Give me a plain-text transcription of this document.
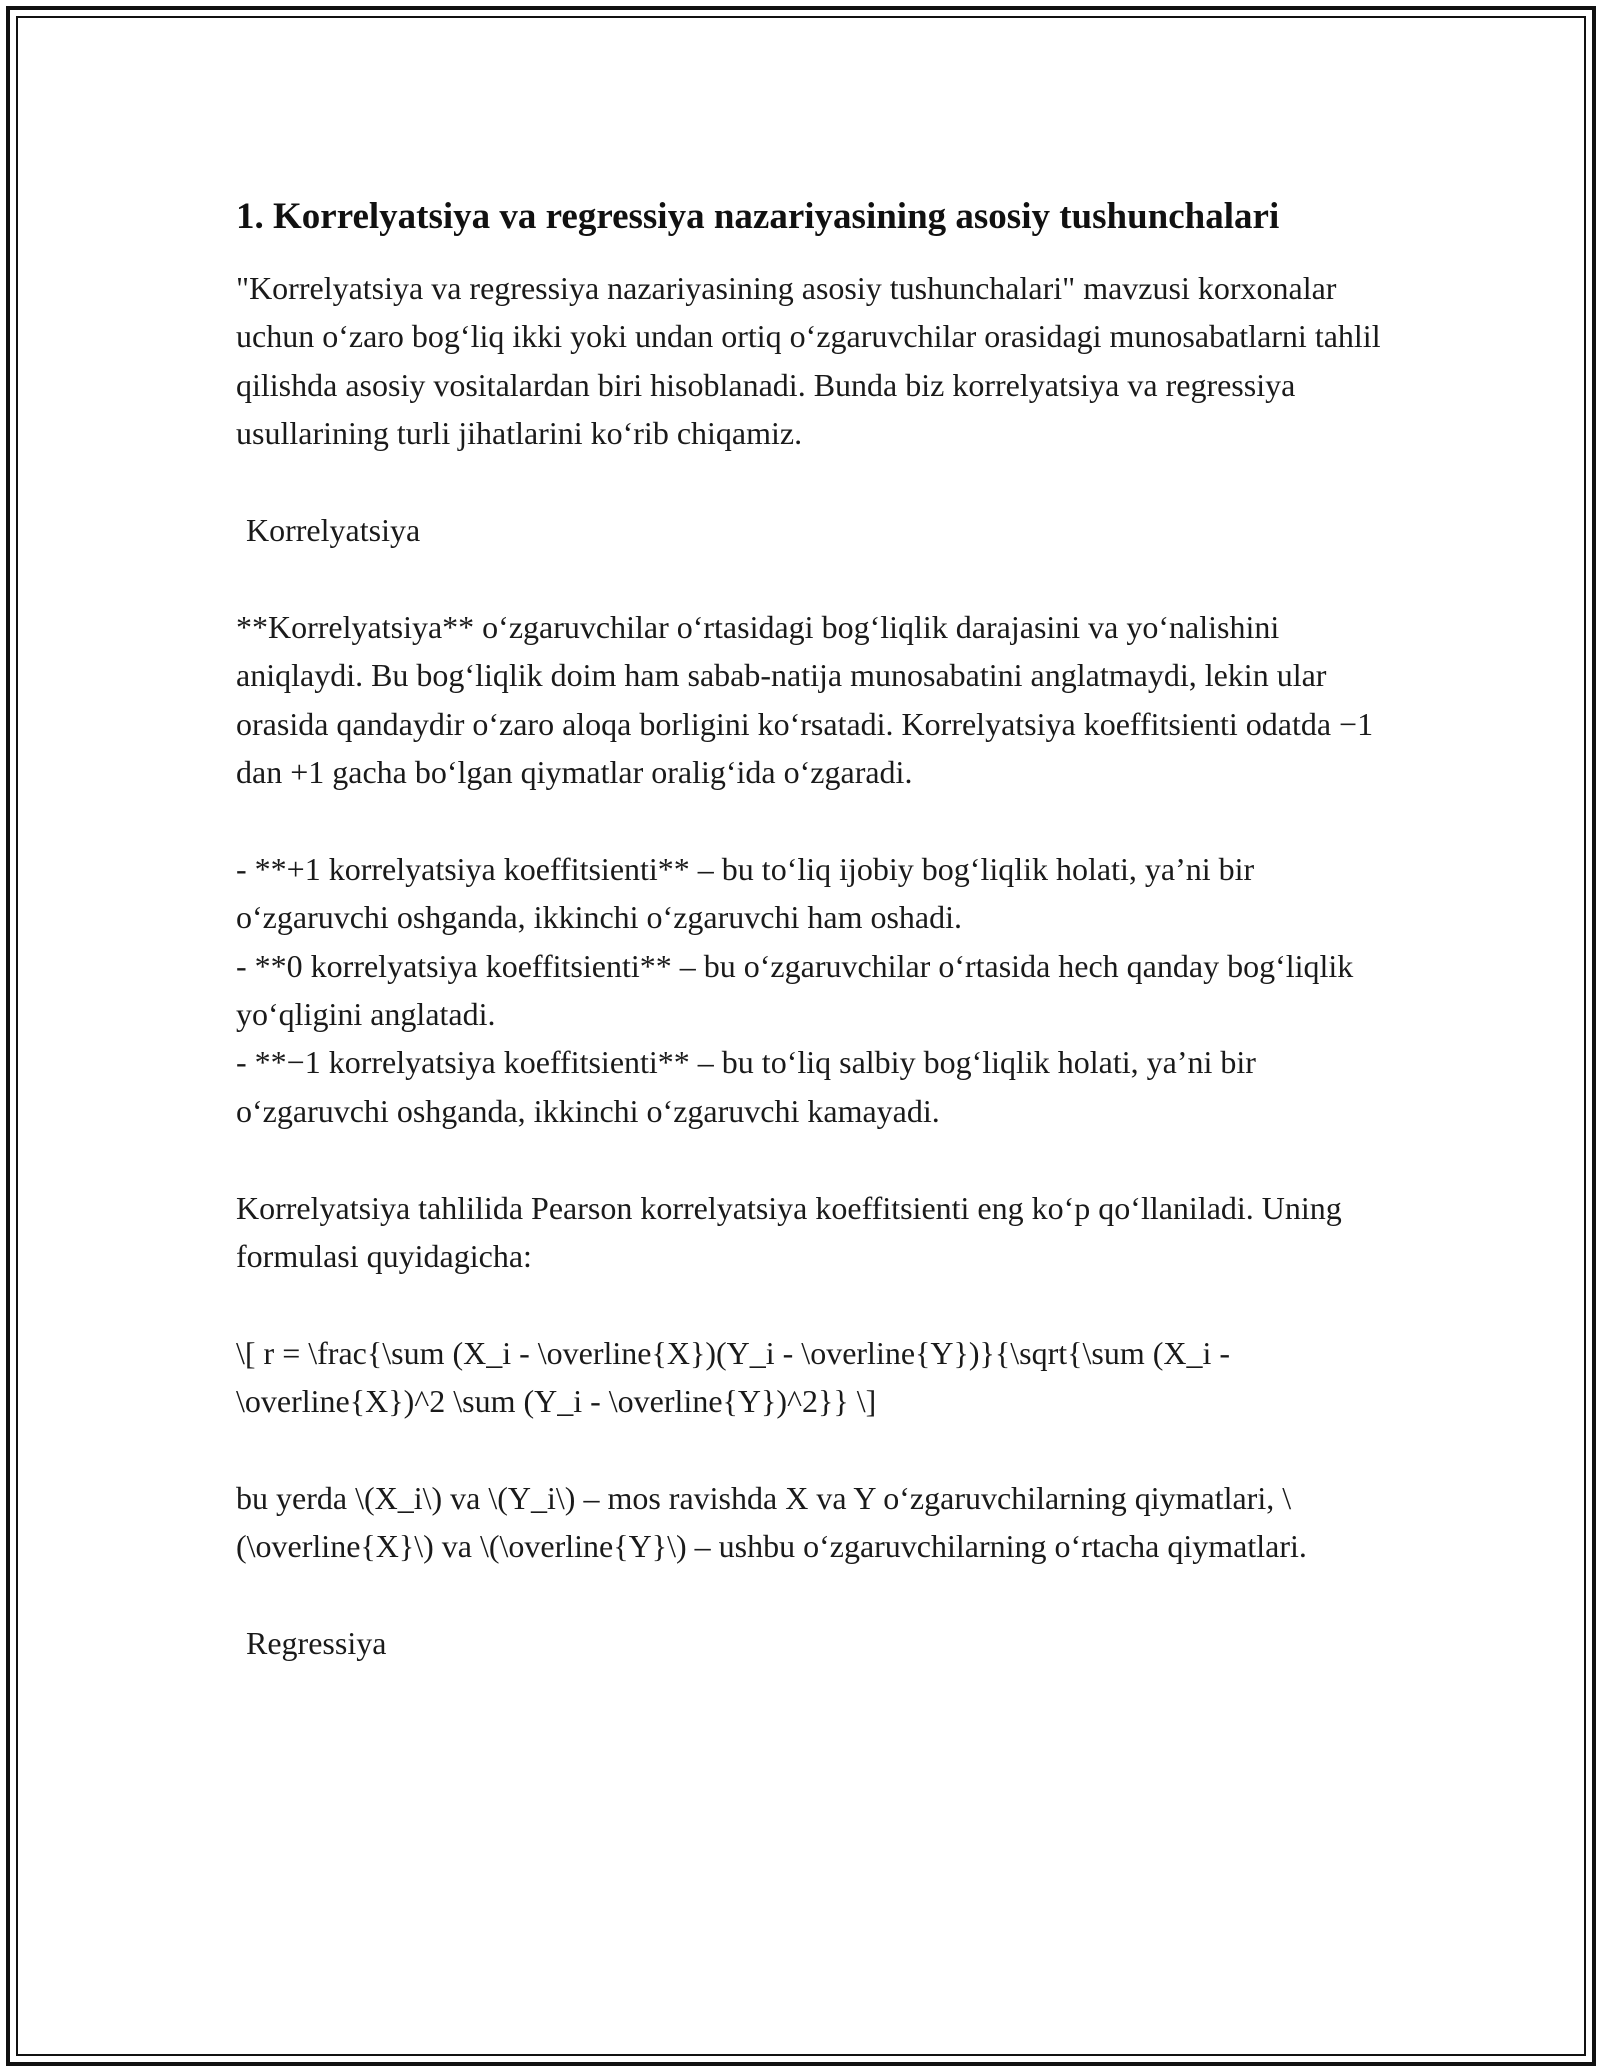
1. Korrelyatsiya va regressiya nazariyasining asosiy tushunchalari

"Korrelyatsiya va regressiya nazariyasining asosiy tushunchalari" mavzusi korxonalar uchun o‘zaro bog‘liq ikki yoki undan ortiq o‘zgaruvchilar orasidagi munosabatlarni tahlil qilishda asosiy vositalardan biri hisoblanadi. Bunda biz korrelyatsiya va regressiya usullarining turli jihatlarini ko‘rib chiqamiz.

Korrelyatsiya

**Korrelyatsiya** o‘zgaruvchilar o‘rtasidagi bog‘liqlik darajasini va yo‘nalishini aniqlaydi. Bu bog‘liqlik doim ham sabab-natija munosabatini anglatmaydi, lekin ular orasida qandaydir o‘zaro aloqa borligini ko‘rsatadi. Korrelyatsiya koeffitsienti odatda −1 dan +1 gacha bo‘lgan qiymatlar oralig‘ida o‘zgaradi.

- **+1 korrelyatsiya koeffitsienti** – bu to‘liq ijobiy bog‘liqlik holati, ya’ni bir o‘zgaruvchi oshganda, ikkinchi o‘zgaruvchi ham oshadi.

- **0 korrelyatsiya koeffitsienti** – bu o‘zgaruvchilar o‘rtasida hech qanday bog‘liqlik yo‘qligini anglatadi.

- **−1 korrelyatsiya koeffitsienti** – bu to‘liq salbiy bog‘liqlik holati, ya’ni bir o‘zgaruvchi oshganda, ikkinchi o‘zgaruvchi kamayadi.

Korrelyatsiya tahlilida Pearson korrelyatsiya koeffitsienti eng ko‘p qo‘llaniladi. Uning formulasi quyidagicha:

\[ r = \frac{\sum (X_i - \overline{X})(Y_i - \overline{Y})}{\sqrt{\sum (X_i - \overline{X})^2 \sum (Y_i - \overline{Y})^2}} \]

bu yerda \(X_i\) va \(Y_i\) – mos ravishda X va Y o‘zgaruvchilarning qiymatlari, \(\overline{X}\) va \(\overline{Y}\) – ushbu o‘zgaruvchilarning o‘rtacha qiymatlari.

Regressiya
